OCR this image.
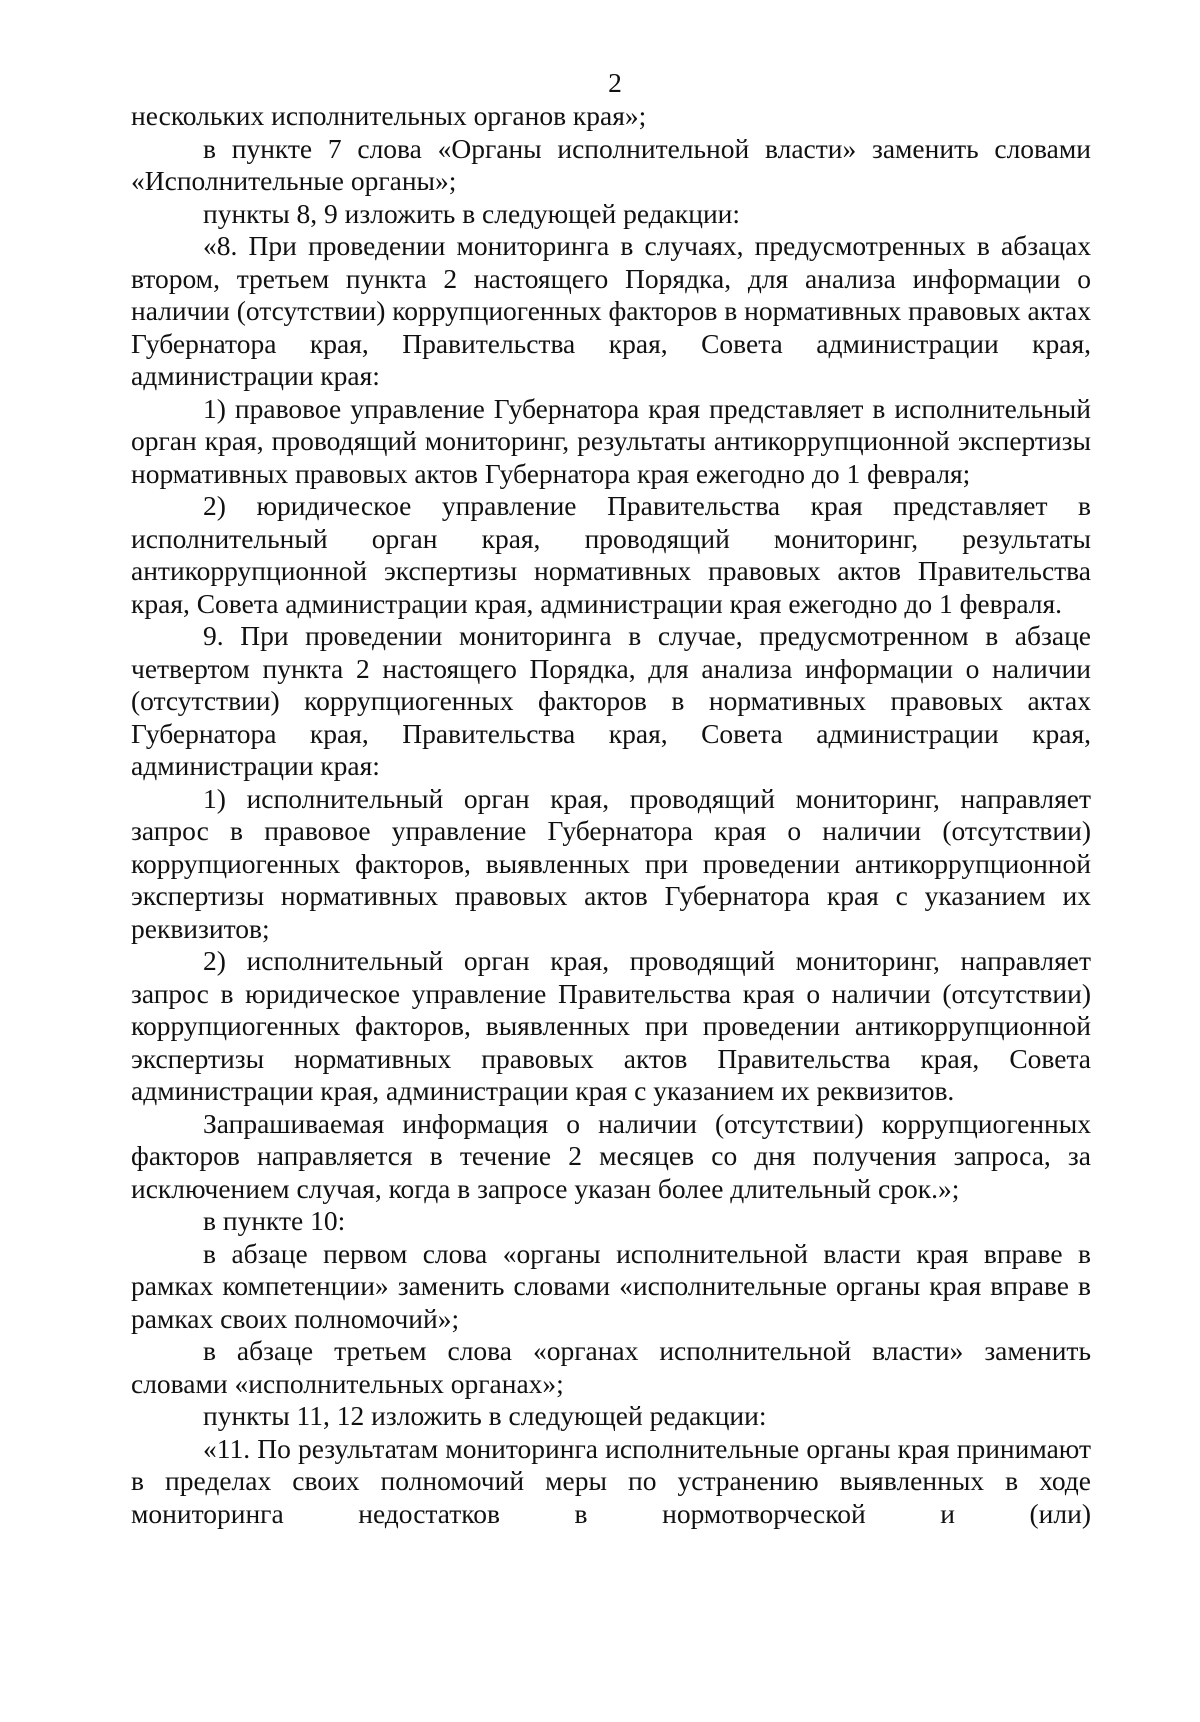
2

нескольких исполнительных органов края»;

в пункте 7 слова «Органы исполнительной власти» заменить словами «Исполнительные органы»;

пункты 8, 9 изложить в следующей редакции:

«8. При проведении мониторинга в случаях, предусмотренных в абзацах втором, третьем пункта 2 настоящего Порядка, для анализа информации о наличии (отсутствии) коррупциогенных факторов в нормативных правовых актах Губернатора края, Правительства края, Совета администрации края, администрации края:

1) правовое управление Губернатора края представляет в исполнительный орган края, проводящий мониторинг, результаты антикоррупционной экспертизы нормативных правовых актов Губернатора края ежегодно до 1 февраля;

2) юридическое управление Правительства края представляет в исполнительный орган края, проводящий мониторинг, результаты антикоррупционной экспертизы нормативных правовых актов Правительства края, Совета администрации края, администрации края ежегодно до 1 февраля.

9. При проведении мониторинга в случае, предусмотренном в абзаце четвертом пункта 2 настоящего Порядка, для анализа информации о наличии (отсутствии) коррупциогенных факторов в нормативных правовых актах Губернатора края, Правительства края, Совета администрации края, администрации края:

1) исполнительный орган края, проводящий мониторинг, направляет запрос в правовое управление Губернатора края о наличии (отсутствии) коррупциогенных факторов, выявленных при проведении антикоррупционной экспертизы нормативных правовых актов Губернатора края с указанием их реквизитов;

2) исполнительный орган края, проводящий мониторинг, направляет запрос в юридическое управление Правительства края о наличии (отсутствии) коррупциогенных факторов, выявленных при проведении антикоррупционной экспертизы нормативных правовых актов Правительства края, Совета администрации края, администрации края с указанием их реквизитов.

Запрашиваемая информация о наличии (отсутствии) коррупциогенных факторов направляется в течение 2 месяцев со дня получения запроса, за исключением случая, когда в запросе указан более длительный срок.»;

в пункте 10:

в абзаце первом слова «органы исполнительной власти края вправе в рамках компетенции» заменить словами «исполнительные органы края вправе в рамках своих полномочий»;

в абзаце третьем слова «органах исполнительной власти» заменить словами «исполнительных органах»;

пункты 11, 12 изложить в следующей редакции:

«11. По результатам мониторинга исполнительные органы края принимают в пределах своих полномочий меры по устранению выявленных в ходе мониторинга недостатков в нормотворческой и (или)
